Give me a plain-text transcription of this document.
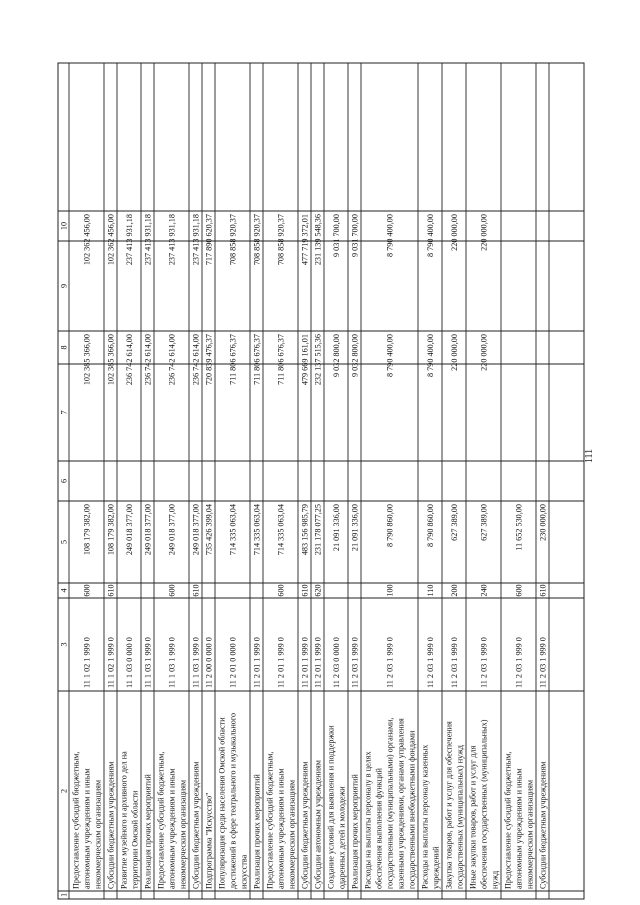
111
1
2
3
4
5
6
7
8
9
10
Предоставление субсидий бюджетным, автономным учреждениям и иным некоммерческим организациям
11 1 02 1 999 0
600
108 179 382,00
102 385 366,00
102 362 456,00
Субсидии бюджетным учреждениям
11 1 02 1 999 0
610
108 179 382,00
102 385 366,00
102 362 456,00
Развитие музейного и архивного дел на территории Омской области
11 1 03 0 000 0
249 018 377,00
236 742 614,00
237 413 931,18
Реализация прочих мероприятий
11 1 03 1 999 0
249 018 377,00
236 742 614,00
237 413 931,18
Предоставление субсидий бюджетным, автономным учреждениям и иным некоммерческим организациям
11 1 03 1 999 0
600
249 018 377,00
236 742 614,00
237 413 931,18
Субсидии бюджетным учреждениям
11 1 03 1 999 0
610
249 018 377,00
236 742 614,00
237 413 931,18
Подпрограмма "Искусство"
11 2 00 0 000 0
735 426 399,04
720 839 476,37
717 890 620,37
Популяризация среди населения Омской области достижений в сфере театрального и музыкального искусства
11 2 01 0 000 0
714 335 063,04
711 806 676,37
708 858 920,37
Реализация прочих мероприятий
11 2 01 1 999 0
714 335 063,04
711 806 676,37
708 858 920,37
Предоставление субсидий бюджетным, автономным учреждениям и иным некоммерческим организациям
11 2 01 1 999 0
600
714 335 063,04
711 806 676,37
708 858 920,37
Субсидии бюджетным учреждениям
11 2 01 1 999 0
610
483 156 985,79
479 669 161,01
477 719 372,01
Субсидии автономным учреждениям
11 2 01 1 999 0
620
231 178 077,25
232 137 515,36
231 139 548,36
Создание условий для выявления и поддержки одаренных детей и молодежи
11 2 03 0 000 0
21 091 336,00
9 032 800,00
9 031 700,00
Реализация прочих мероприятий
11 2 03 1 999 0
21 091 336,00
9 032 800,00
9 031 700,00
Расходы на выплаты персоналу в целях обеспечения выполнения функций государственными (муниципальными) органами, казенными учреждениями, органами управления государственными внебюджетными фондами
11 2 03 1 999 0
100
8 790 860,00
8 790 400,00
8 790 400,00
Расходы на выплаты персоналу казенных учреждений
11 2 03 1 999 0
110
8 790 860,00
8 790 400,00
8 790 400,00
Закупка товаров, работ и услуг для обеспечения государственных (муниципальных) нужд
11 2 03 1 999 0
200
627 389,00
220 000,00
220 000,00
Иные закупки товаров, работ и услуг для обеспечения государственных (муниципальных) нужд
11 2 03 1 999 0
240
627 389,00
220 000,00
220 000,00
Предоставление субсидий бюджетным, автономным учреждениям и иным некоммерческим организациям
11 2 03 1 999 0
600
11 652 530,00
Субсидии бюджетным учреждениям
11 2 03 1 999 0
610
230 000,00
